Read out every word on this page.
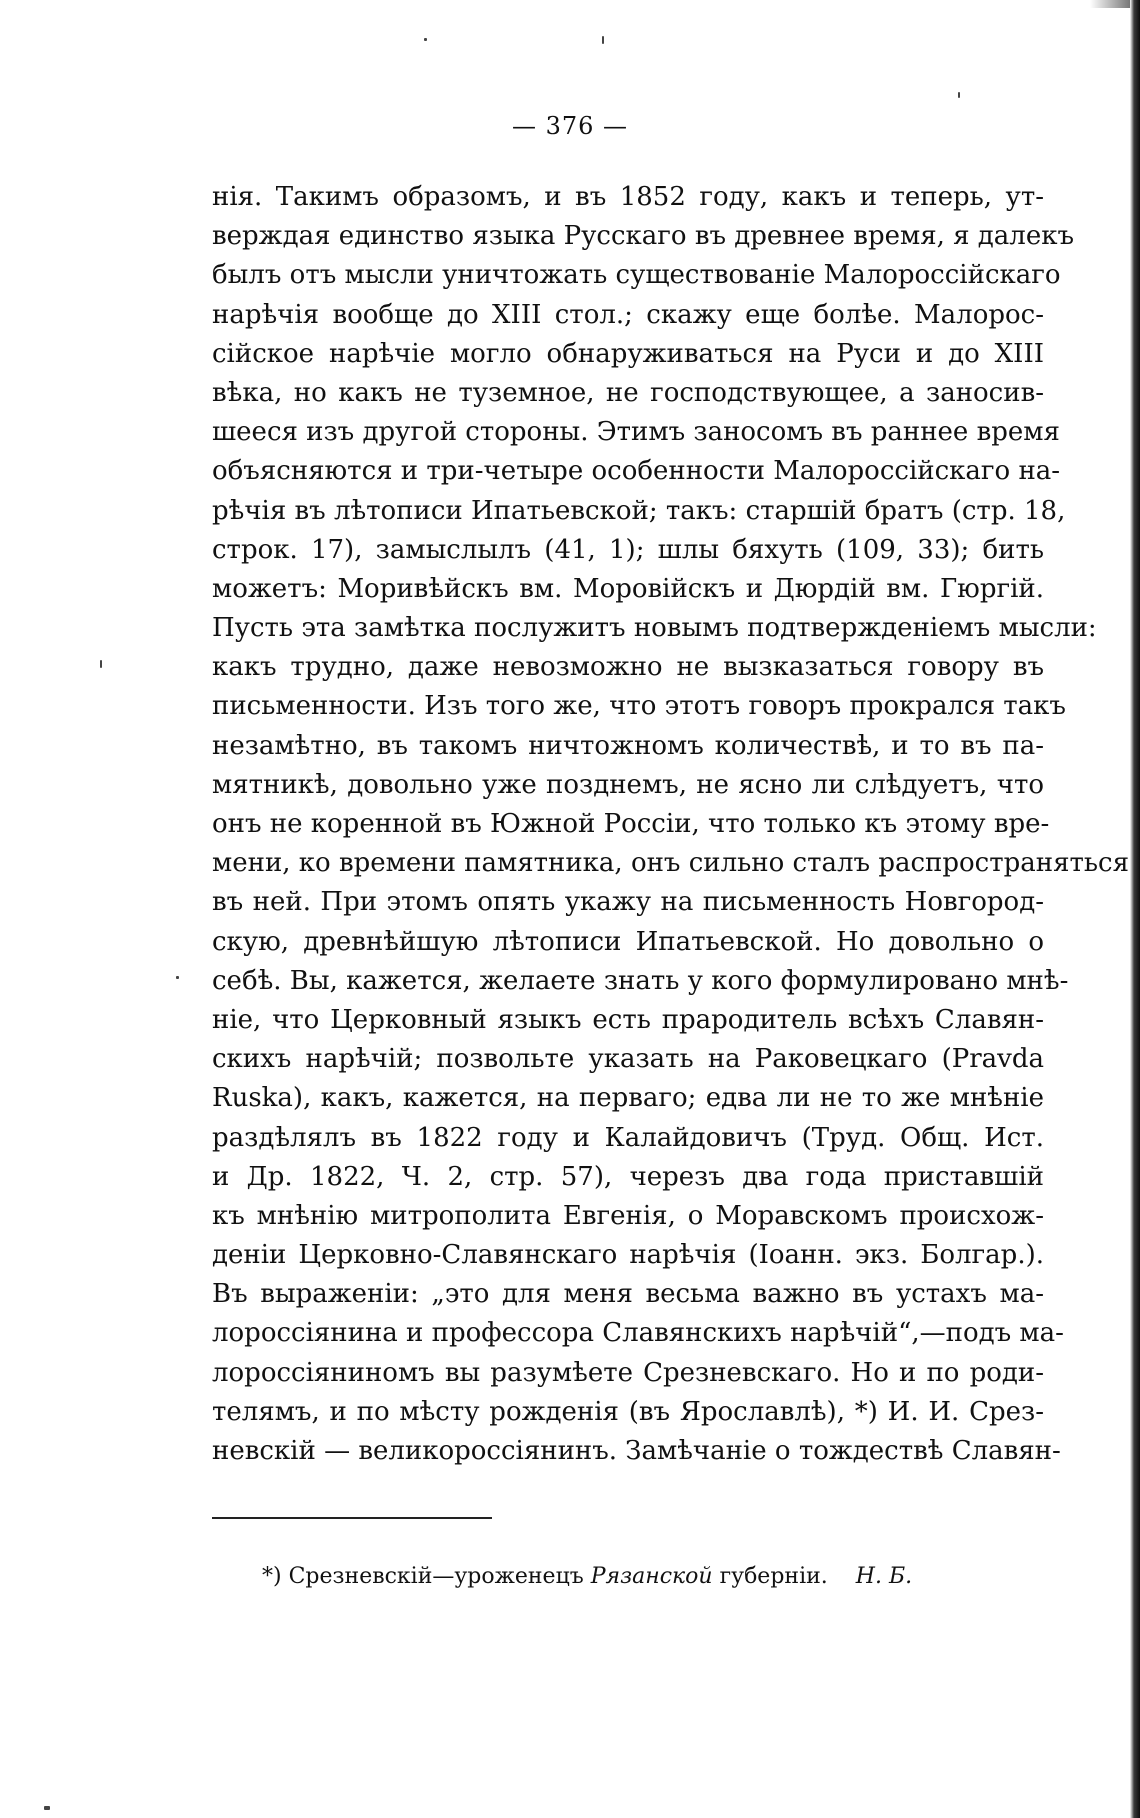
— 376 —
нія. Такимъ образомъ, и въ 1852 году, какъ и теперь, ут-
верждая единство языка Русскаго въ древнее время, я далекъ
былъ отъ мысли уничтожать существованіе Малороссійскаго
нарѣчія вообще до XIII стол.; скажу еще болѣе. Малорос-
сійское нарѣчіе могло обнаруживаться на Руси и до XIII
вѣка, но какъ не туземное, не господствующее, а заносив-
шееся изъ другой стороны. Этимъ заносомъ въ раннее время
объясняются и три-четыре особенности Малороссійскаго на-
рѣчія въ лѣтописи Ипатьевской; такъ: старшій братъ (стр. 18,
строк. 17), замыслылъ (41, 1); шлы бяхуть (109, 33); бить
можетъ: Моривѣйскъ вм. Моровійскъ и Дюрдій вм. Гюргій.
Пусть эта замѣтка послужитъ новымъ подтвержденіемъ мысли:
какъ трудно, даже невозможно не вызказаться говору въ
письменности. Изъ того же, что этотъ говоръ прокрался такъ
незамѣтно, въ такомъ ничтожномъ количествѣ, и то въ па-
мятникѣ, довольно уже позднемъ, не ясно ли слѣдуетъ, что
онъ не коренной въ Южной Россіи, что только къ этому вре-
мени, ко времени памятника, онъ сильно сталъ распространяться
въ ней. При этомъ опять укажу на письменность Новгород-
скую, древнѣйшую лѣтописи Ипатьевской. Но довольно о
себѣ. Вы, кажется, желаете знать у кого формулировано мнѣ-
ніе, что Церковный языкъ есть прародитель всѣхъ Славян-
скихъ нарѣчій; позвольте указать на Раковецкаго (Pravda
Ruska), какъ, кажется, на перваго; едва ли не то же мнѣніе
раздѣлялъ въ 1822 году и Калайдовичъ (Труд. Общ. Ист.
и Др. 1822, Ч. 2, стр. 57), черезъ два года приставшій
къ мнѣнію митрополита Евгенія, о Моравскомъ происхож-
деніи Церковно-Славянскаго нарѣчія (Іоанн. экз. Болгар.).
Въ выраженіи: „это для меня весьма важно въ устахъ ма-
лороссіянина и профессора Славянскихъ нарѣчій“,—подъ ма-
лороссіяниномъ вы разумѣете Срезневскаго. Но и по роди-
телямъ, и по мѣсту рожденія (въ Ярославлѣ), *) И. И. Срез-
невскій — великороссіянинъ. Замѣчаніе о тождествѣ Славян-
*) Срезневскій—уроженецъ Рязанской губерніи. Н. Б.
